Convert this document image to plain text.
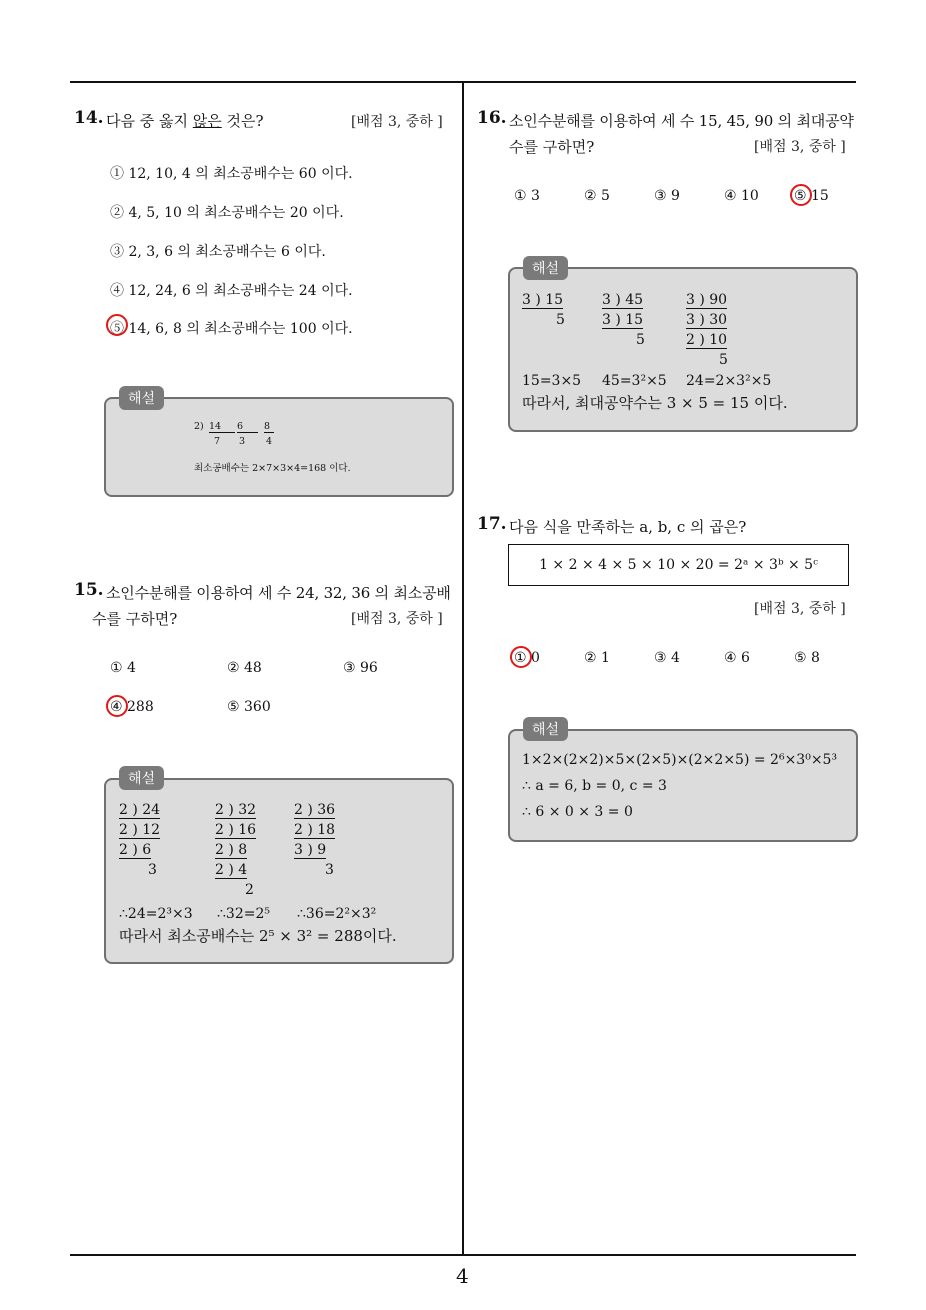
4
14. 다음 중 옳지 않은 것은?	[배점 3, 중하 ]
① 12, 10, 4 의 최소공배수는 60 이다.
② 4, 5, 10 의 최소공배수는 20 이다.
③ 2, 3, 6 의 최소공배수는 6 이다.
④ 12, 24, 6 의 최소공배수는 24 이다.
⑤ 14, 6, 8 의 최소공배수는 100 이다.
해설
2) 14	6	8
7 3 4
최소공배수는 2×7×3×4=168 이다.
15. 소인수분해를 이용하여 세 수 24, 32, 36 의 최소공배
수를 구하면?	[배점 3, 중하 ]
① 4	② 48	③ 96
④ 288	⑤ 360
해설
2 ) 24
2 ) 12
2 ) 6
3
2 ) 32
2 ) 16
2 ) 8
2 ) 4
2
2 ) 36
2 ) 18
3 ) 9
3
∴24=2³×3 ∴32=2⁵ ∴36=2²×3²
따라서 최소공배수는 2⁵ × 3² = 288이다.
16. 소인수분해를 이용하여 세 수 15, 45, 90 의 최대공약
수를 구하면?	[배점 3, 중하 ]
① 3	② 5	③ 9	④ 10	⑤ 15
해설
3 ) 15
5
3 ) 45
3 ) 15
5
3 ) 90
3 ) 30
2 ) 10
5
15=3×5 45=3²×5 24=2×3²×5
따라서, 최대공약수는 3 × 5 = 15 이다.
17. 다음 식을 만족하는 a, b, c 의 곱은?
1 × 2 × 4 × 5 × 10 × 20 = 2ᵃ × 3ᵇ × 5ᶜ
[배점 3, 중하 ]
① 0	② 1	③ 4	④ 6	⑤ 8
해설
1×2×(2×2)×5×(2×5)×(2×2×5) = 2⁶×3⁰×5³
∴ a = 6, b = 0, c = 3
∴ 6 × 0 × 3 = 0
